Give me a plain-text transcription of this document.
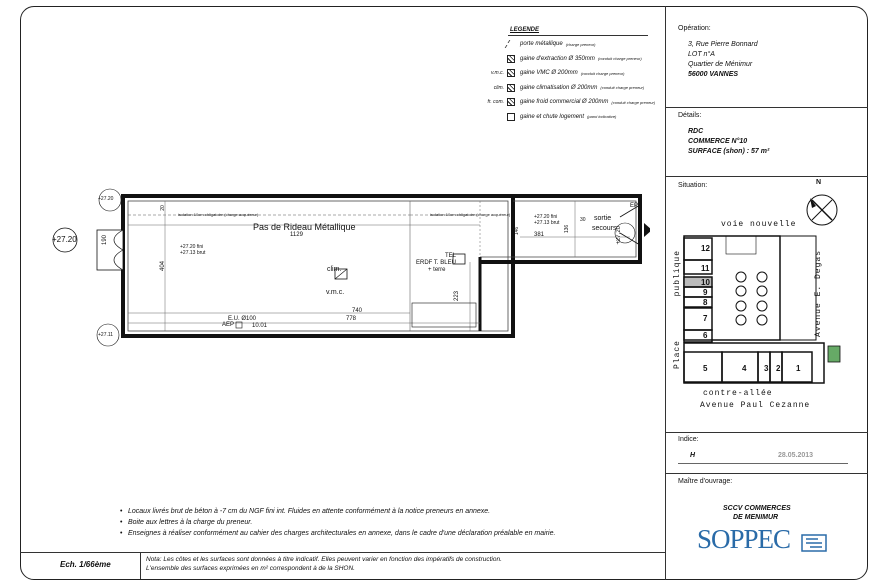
LEGENDE
porte métallique (charge preneur)
gaine d'extraction Ø 350mm (conduit charge preneur)
v.m.c.	gaine VMC Ø 200mm (conduit charge preneur)
clim.	gaine climatisation Ø 200mm (conduit charge preneur)
fr. com.	gaine froid commercial Ø 200mm (conduit charge preneur)
gaine et chute logement (paroi indicative)
+27.20
+27.20
+27.11
+27.20
190
20
isolation 10cm obligatoire (charge acquéreur)	isolation 10cm obligatoire (charge acquéreur)
Pas de Rideau Métallique
1129
404
+27.20 fini
+27.13 brut
clim.
v.m.c.
740
778
E.U. Ø100
10.01
AEP
TEL
ERDF T. BLEU
+ terre
223
146
+27.20 fini
+27.13 brut
381
136
30 sortie
secours
EP
• Locaux livrés brut de béton à -7 cm du NGF fini int. Fluides en attente conformément à la notice preneurs en annexe.
• Boite aux lettres à la charge du preneur.
• Enseignes à réaliser conformément au cahier des charges architecturales en annexe, dans le cadre d'une déclaration préalable en mairie.
Ech. 1/66ème
Nota: Les côtes et les surfaces sont données à titre indicatif. Elles peuvent varier en fonction des impératifs de construction.
L'ensemble des surfaces exprimées en m² correspondent à de la SHON.
Opération:
3, Rue Pierre Bonnard
LOT n°A
Quartier de Ménimur
56000 VANNES
Détails:
RDC
COMMERCE N°10
SURFACE (shon) : 57 m²
Situation:
voie nouvelle
Avenue E. Degas
Place
publique
contre-allée
Avenue Paul Cezanne
N
12
11
10
9
8
7
6
5	4 3 2 1
Indice:
H	28.05.2013
Maître d'ouvrage:
SCCV COMMERCES
DE MENIMUR
SOPPEC
